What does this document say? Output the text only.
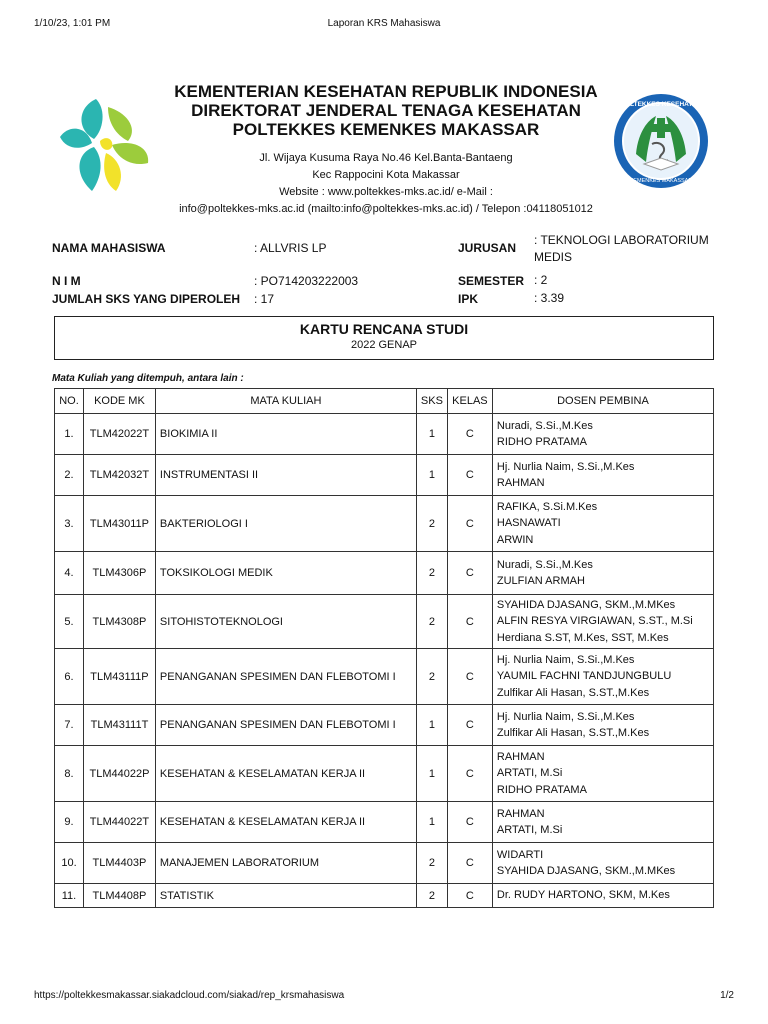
1/10/23, 1:01 PM	Laporan KRS Mahasiswa
KEMENTERIAN KESEHATAN REPUBLIK INDONESIA
DIREKTORAT JENDERAL TENAGA KESEHATAN
POLTEKKES KEMENKES MAKASSAR
Jl. Wijaya Kusuma Raya No.46 Kel.Banta-Bantaeng
Kec Rappocini Kota Makassar
Website : www.poltekkes-mks.ac.id/ e-Mail :
info@poltekkes-mks.ac.id (mailto:info@poltekkes-mks.ac.id) / Telepon :04118051012
POLTEKKES KESEHATAN
KEMENKES MAKASSAR
NAMA MAHASISWA	: ALLVRIS LP	JURUSAN
: TEKNOLOGI LABORATORIUM MEDIS
N I M	: PO714203222003	SEMESTER : 2
JUMLAH SKS YANG DIPEROLEH : 17	IPK	: 3.39
KARTU RENCANA STUDI
2022 GENAP
Mata Kuliah yang ditempuh, antara lain :
NO.	KODE MK	MATA KULIAH	SKS	KELAS	DOSEN PEMBINA
1.	TLM42022T	BIOKIMIA II	1	C	Nuradi, S.Si.,M.Kes
RIDHO PRATAMA

2.	TLM42032T	INSTRUMENTASI II	1	C	Hj. Nurlia Naim, S.Si.,M.Kes
RAHMAN

3.	TLM43011P	BAKTERIOLOGI I	2	C	RAFIKA, S.Si.M.Kes
HASNAWATI
ARWIN

4.	TLM4306P	TOKSIKOLOGI MEDIK	2	C	Nuradi, S.Si.,M.Kes
ZULFIAN ARMAH

5.	TLM4308P	SITOHISTOTEKNOLOGI	2	C	SYAHIDA DJASANG, SKM.,M.MKes
ALFIN RESYA VIRGIAWAN, S.ST., M.Si
Herdiana S.ST, M.Kes, SST, M.Kes

6.	TLM43111P	PENANGANAN SPESIMEN DAN FLEBOTOMI I	2	C	Hj. Nurlia Naim, S.Si.,M.Kes
YAUMIL FACHNI TANDJUNGBULU
Zulfikar Ali Hasan, S.ST.,M.Kes

7.	TLM43111T	PENANGANAN SPESIMEN DAN FLEBOTOMI I	1	C	Hj. Nurlia Naim, S.Si.,M.Kes
Zulfikar Ali Hasan, S.ST.,M.Kes

8.	TLM44022P	KESEHATAN & KESELAMATAN KERJA II	1	C	RAHMAN
ARTATI, M.Si
RIDHO PRATAMA

9.	TLM44022T	KESEHATAN & KESELAMATAN KERJA II	1	C	RAHMAN
ARTATI, M.Si

10.	TLM4403P	MANAJEMEN LABORATORIUM	2	C	WIDARTI
SYAHIDA DJASANG, SKM.,M.MKes

11.	TLM4408P	STATISTIK	2	C	Dr. RUDY HARTONO, SKM, M.Kes
https://poltekkesmakassar.siakadcloud.com/siakad/rep_krsmahasiswa	1/2
